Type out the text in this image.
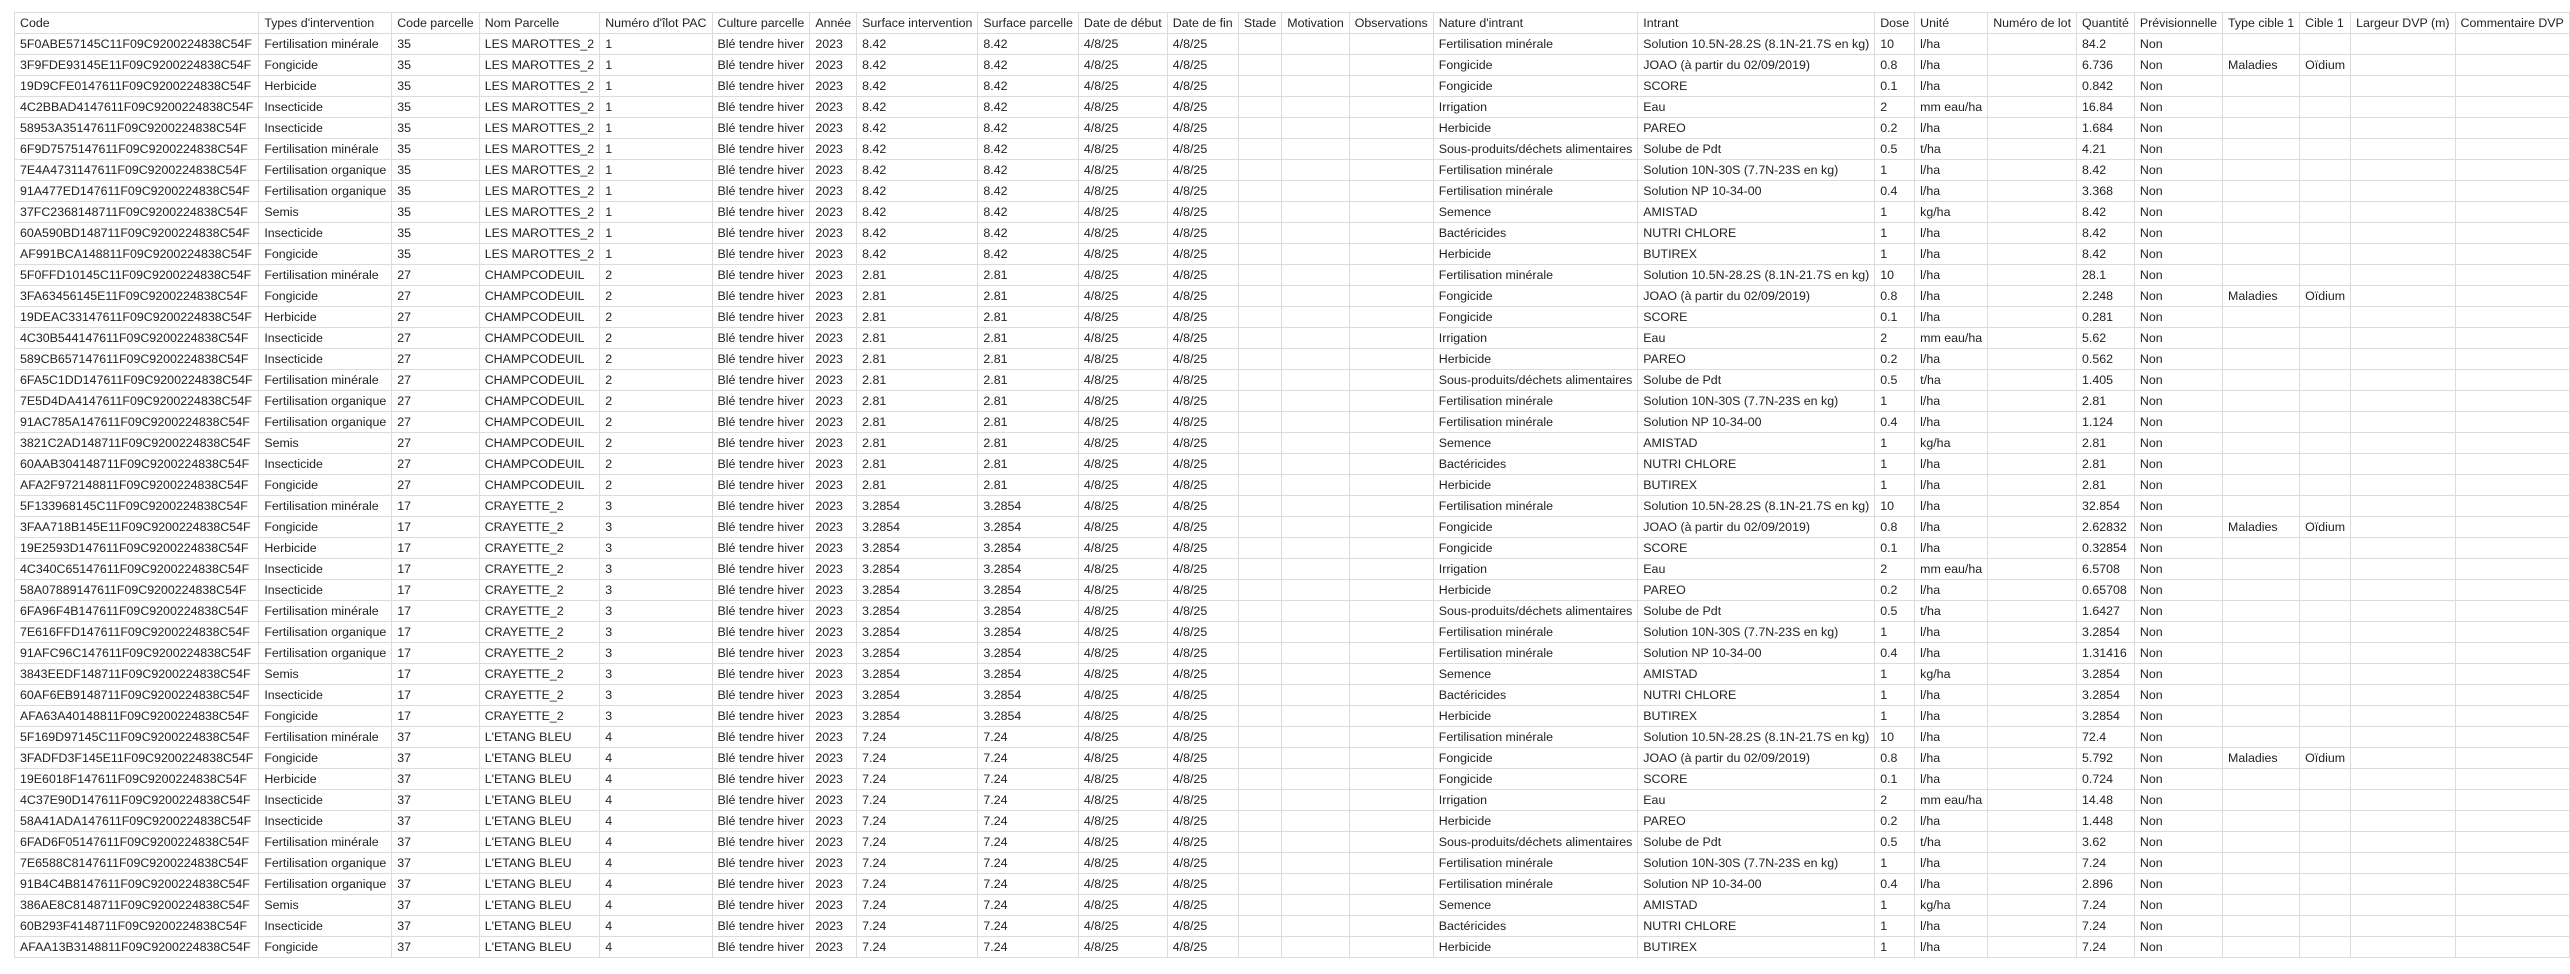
Code	Types d'intervention	Code parcelle	Nom Parcelle	Numéro d'îlot PAC	Culture parcelle	Année	Surface intervention	Surface parcelle	Date de début	Date de fin	Stade	Motivation	Observations	Nature d'intrant	Intrant	Dose	Unité	Numéro de lot	Quantité	Prévisionnelle	Type cible 1	Cible 1	Largeur DVP (m)	Commentaire DVP
5F0ABE57145C11F09C9200224838C54F	Fertilisation minérale	35	LES MAROTTES_2	1	Blé tendre hiver	2023	8.42	8.42	4/8/25	4/8/25				Fertilisation minérale	Solution 10.5N-28.2S (8.1N-21.7S en kg)	10	l/ha		84.2	Non				
3F9FDE93145E11F09C9200224838C54F	Fongicide	35	LES MAROTTES_2	1	Blé tendre hiver	2023	8.42	8.42	4/8/25	4/8/25				Fongicide	JOAO (à partir du 02/09/2019)	0.8	l/ha		6.736	Non	Maladies	Oïdium		
19D9CFE0147611F09C9200224838C54F	Herbicide	35	LES MAROTTES_2	1	Blé tendre hiver	2023	8.42	8.42	4/8/25	4/8/25				Fongicide	SCORE	0.1	l/ha		0.842	Non				
4C2BBAD4147611F09C9200224838C54F	Insecticide	35	LES MAROTTES_2	1	Blé tendre hiver	2023	8.42	8.42	4/8/25	4/8/25				Irrigation	Eau	2	mm eau/ha		16.84	Non				
58953A35147611F09C9200224838C54F	Insecticide	35	LES MAROTTES_2	1	Blé tendre hiver	2023	8.42	8.42	4/8/25	4/8/25				Herbicide	PAREO	0.2	l/ha		1.684	Non				
6F9D7575147611F09C9200224838C54F	Fertilisation minérale	35	LES MAROTTES_2	1	Blé tendre hiver	2023	8.42	8.42	4/8/25	4/8/25				Sous-produits/déchets alimentaires	Solube de Pdt	0.5	t/ha		4.21	Non				
7E4A4731147611F09C9200224838C54F	Fertilisation organique	35	LES MAROTTES_2	1	Blé tendre hiver	2023	8.42	8.42	4/8/25	4/8/25				Fertilisation minérale	Solution 10N-30S (7.7N-23S en kg)	1	l/ha		8.42	Non				
91A477ED147611F09C9200224838C54F	Fertilisation organique	35	LES MAROTTES_2	1	Blé tendre hiver	2023	8.42	8.42	4/8/25	4/8/25				Fertilisation minérale	Solution NP 10-34-00	0.4	l/ha		3.368	Non				
37FC2368148711F09C9200224838C54F	Semis	35	LES MAROTTES_2	1	Blé tendre hiver	2023	8.42	8.42	4/8/25	4/8/25				Semence	AMISTAD	1	kg/ha		8.42	Non				
60A590BD148711F09C9200224838C54F	Insecticide	35	LES MAROTTES_2	1	Blé tendre hiver	2023	8.42	8.42	4/8/25	4/8/25				Bactéricides	NUTRI CHLORE	1	l/ha		8.42	Non				
AF991BCA148811F09C9200224838C54F	Fongicide	35	LES MAROTTES_2	1	Blé tendre hiver	2023	8.42	8.42	4/8/25	4/8/25				Herbicide	BUTIREX	1	l/ha		8.42	Non				
5F0FFD10145C11F09C9200224838C54F	Fertilisation minérale	27	CHAMPCODEUIL	2	Blé tendre hiver	2023	2.81	2.81	4/8/25	4/8/25				Fertilisation minérale	Solution 10.5N-28.2S (8.1N-21.7S en kg)	10	l/ha		28.1	Non				
3FA63456145E11F09C9200224838C54F	Fongicide	27	CHAMPCODEUIL	2	Blé tendre hiver	2023	2.81	2.81	4/8/25	4/8/25				Fongicide	JOAO (à partir du 02/09/2019)	0.8	l/ha		2.248	Non	Maladies	Oïdium		
19DEAC33147611F09C9200224838C54F	Herbicide	27	CHAMPCODEUIL	2	Blé tendre hiver	2023	2.81	2.81	4/8/25	4/8/25				Fongicide	SCORE	0.1	l/ha		0.281	Non				
4C30B544147611F09C9200224838C54F	Insecticide	27	CHAMPCODEUIL	2	Blé tendre hiver	2023	2.81	2.81	4/8/25	4/8/25				Irrigation	Eau	2	mm eau/ha		5.62	Non				
589CB657147611F09C9200224838C54F	Insecticide	27	CHAMPCODEUIL	2	Blé tendre hiver	2023	2.81	2.81	4/8/25	4/8/25				Herbicide	PAREO	0.2	l/ha		0.562	Non				
6FA5C1DD147611F09C9200224838C54F	Fertilisation minérale	27	CHAMPCODEUIL	2	Blé tendre hiver	2023	2.81	2.81	4/8/25	4/8/25				Sous-produits/déchets alimentaires	Solube de Pdt	0.5	t/ha		1.405	Non				
7E5D4DA4147611F09C9200224838C54F	Fertilisation organique	27	CHAMPCODEUIL	2	Blé tendre hiver	2023	2.81	2.81	4/8/25	4/8/25				Fertilisation minérale	Solution 10N-30S (7.7N-23S en kg)	1	l/ha		2.81	Non				
91AC785A147611F09C9200224838C54F	Fertilisation organique	27	CHAMPCODEUIL	2	Blé tendre hiver	2023	2.81	2.81	4/8/25	4/8/25				Fertilisation minérale	Solution NP 10-34-00	0.4	l/ha		1.124	Non				
3821C2AD148711F09C9200224838C54F	Semis	27	CHAMPCODEUIL	2	Blé tendre hiver	2023	2.81	2.81	4/8/25	4/8/25				Semence	AMISTAD	1	kg/ha		2.81	Non				
60AAB304148711F09C9200224838C54F	Insecticide	27	CHAMPCODEUIL	2	Blé tendre hiver	2023	2.81	2.81	4/8/25	4/8/25				Bactéricides	NUTRI CHLORE	1	l/ha		2.81	Non				
AFA2F972148811F09C9200224838C54F	Fongicide	27	CHAMPCODEUIL	2	Blé tendre hiver	2023	2.81	2.81	4/8/25	4/8/25				Herbicide	BUTIREX	1	l/ha		2.81	Non				
5F133968145C11F09C9200224838C54F	Fertilisation minérale	17	CRAYETTE_2	3	Blé tendre hiver	2023	3.2854	3.2854	4/8/25	4/8/25				Fertilisation minérale	Solution 10.5N-28.2S (8.1N-21.7S en kg)	10	l/ha		32.854	Non				
3FAA718B145E11F09C9200224838C54F	Fongicide	17	CRAYETTE_2	3	Blé tendre hiver	2023	3.2854	3.2854	4/8/25	4/8/25				Fongicide	JOAO (à partir du 02/09/2019)	0.8	l/ha		2.62832	Non	Maladies	Oïdium		
19E2593D147611F09C9200224838C54F	Herbicide	17	CRAYETTE_2	3	Blé tendre hiver	2023	3.2854	3.2854	4/8/25	4/8/25				Fongicide	SCORE	0.1	l/ha		0.32854	Non				
4C340C65147611F09C9200224838C54F	Insecticide	17	CRAYETTE_2	3	Blé tendre hiver	2023	3.2854	3.2854	4/8/25	4/8/25				Irrigation	Eau	2	mm eau/ha		6.5708	Non				
58A07889147611F09C9200224838C54F	Insecticide	17	CRAYETTE_2	3	Blé tendre hiver	2023	3.2854	3.2854	4/8/25	4/8/25				Herbicide	PAREO	0.2	l/ha		0.65708	Non				
6FA96F4B147611F09C9200224838C54F	Fertilisation minérale	17	CRAYETTE_2	3	Blé tendre hiver	2023	3.2854	3.2854	4/8/25	4/8/25				Sous-produits/déchets alimentaires	Solube de Pdt	0.5	t/ha		1.6427	Non				
7E616FFD147611F09C9200224838C54F	Fertilisation organique	17	CRAYETTE_2	3	Blé tendre hiver	2023	3.2854	3.2854	4/8/25	4/8/25				Fertilisation minérale	Solution 10N-30S (7.7N-23S en kg)	1	l/ha		3.2854	Non				
91AFC96C147611F09C9200224838C54F	Fertilisation organique	17	CRAYETTE_2	3	Blé tendre hiver	2023	3.2854	3.2854	4/8/25	4/8/25				Fertilisation minérale	Solution NP 10-34-00	0.4	l/ha		1.31416	Non				
3843EEDF148711F09C9200224838C54F	Semis	17	CRAYETTE_2	3	Blé tendre hiver	2023	3.2854	3.2854	4/8/25	4/8/25				Semence	AMISTAD	1	kg/ha		3.2854	Non				
60AF6EB9148711F09C9200224838C54F	Insecticide	17	CRAYETTE_2	3	Blé tendre hiver	2023	3.2854	3.2854	4/8/25	4/8/25				Bactéricides	NUTRI CHLORE	1	l/ha		3.2854	Non				
AFA63A40148811F09C9200224838C54F	Fongicide	17	CRAYETTE_2	3	Blé tendre hiver	2023	3.2854	3.2854	4/8/25	4/8/25				Herbicide	BUTIREX	1	l/ha		3.2854	Non				
5F169D97145C11F09C9200224838C54F	Fertilisation minérale	37	L'ETANG BLEU	4	Blé tendre hiver	2023	7.24	7.24	4/8/25	4/8/25				Fertilisation minérale	Solution 10.5N-28.2S (8.1N-21.7S en kg)	10	l/ha		72.4	Non				
3FADFD3F145E11F09C9200224838C54F	Fongicide	37	L'ETANG BLEU	4	Blé tendre hiver	2023	7.24	7.24	4/8/25	4/8/25				Fongicide	JOAO (à partir du 02/09/2019)	0.8	l/ha		5.792	Non	Maladies	Oïdium		
19E6018F147611F09C9200224838C54F	Herbicide	37	L'ETANG BLEU	4	Blé tendre hiver	2023	7.24	7.24	4/8/25	4/8/25				Fongicide	SCORE	0.1	l/ha		0.724	Non				
4C37E90D147611F09C9200224838C54F	Insecticide	37	L'ETANG BLEU	4	Blé tendre hiver	2023	7.24	7.24	4/8/25	4/8/25				Irrigation	Eau	2	mm eau/ha		14.48	Non				
58A41ADA147611F09C9200224838C54F	Insecticide	37	L'ETANG BLEU	4	Blé tendre hiver	2023	7.24	7.24	4/8/25	4/8/25				Herbicide	PAREO	0.2	l/ha		1.448	Non				
6FAD6F05147611F09C9200224838C54F	Fertilisation minérale	37	L'ETANG BLEU	4	Blé tendre hiver	2023	7.24	7.24	4/8/25	4/8/25				Sous-produits/déchets alimentaires	Solube de Pdt	0.5	t/ha		3.62	Non				
7E6588C8147611F09C9200224838C54F	Fertilisation organique	37	L'ETANG BLEU	4	Blé tendre hiver	2023	7.24	7.24	4/8/25	4/8/25				Fertilisation minérale	Solution 10N-30S (7.7N-23S en kg)	1	l/ha		7.24	Non				
91B4C4B8147611F09C9200224838C54F	Fertilisation organique	37	L'ETANG BLEU	4	Blé tendre hiver	2023	7.24	7.24	4/8/25	4/8/25				Fertilisation minérale	Solution NP 10-34-00	0.4	l/ha		2.896	Non				
386AE8C8148711F09C9200224838C54F	Semis	37	L'ETANG BLEU	4	Blé tendre hiver	2023	7.24	7.24	4/8/25	4/8/25				Semence	AMISTAD	1	kg/ha		7.24	Non				
60B293F4148711F09C9200224838C54F	Insecticide	37	L'ETANG BLEU	4	Blé tendre hiver	2023	7.24	7.24	4/8/25	4/8/25				Bactéricides	NUTRI CHLORE	1	l/ha		7.24	Non				
AFAA13B3148811F09C9200224838C54F	Fongicide	37	L'ETANG BLEU	4	Blé tendre hiver	2023	7.24	7.24	4/8/25	4/8/25				Herbicide	BUTIREX	1	l/ha		7.24	Non				
